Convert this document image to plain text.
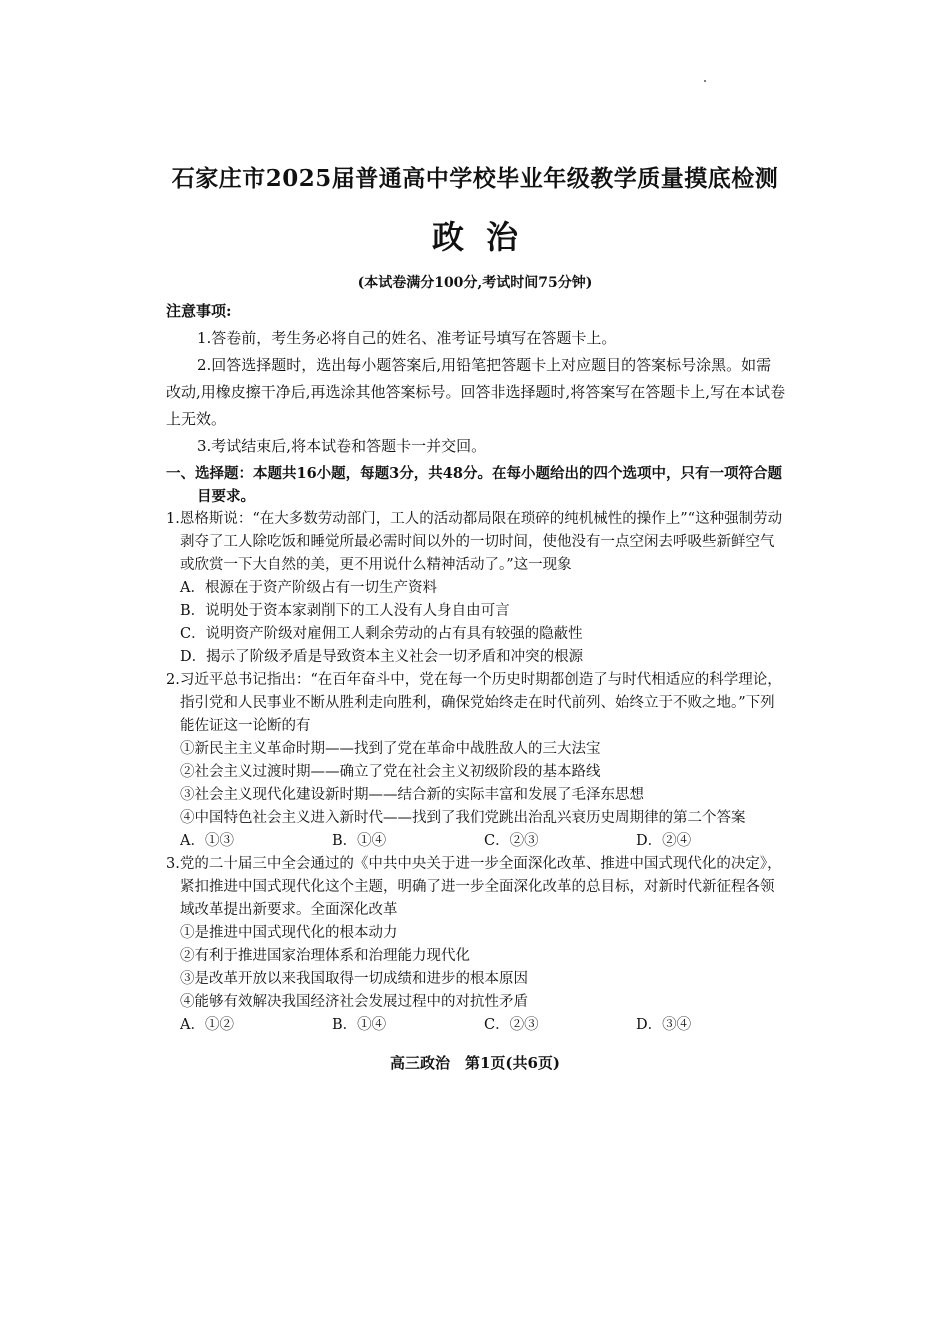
石家庄市2025届普通高中学校毕业年级教学质量摸底检测
政治
(本试卷满分100分,考试时间75分钟)
注意事项:

1.答卷前，考生务必将自己的姓名、准考证号填写在答题卡上。

2.回答选择题时，选出每小题答案后,用铅笔把答题卡上对应题目的答案标号涂黑。如需改动,用橡皮擦干净后,再选涂其他答案标号。回答非选择题时,将答案写在答题卡上,写在本试卷上无效。

3.考试结束后,将本试卷和答题卡一并交回。

一、选择题：本题共16小题，每题3分，共48分。在每小题给出的四个选项中，只有一项符合题目要求。

1.恩格斯说：“在大多数劳动部门，工人的活动都局限在琐碎的纯机械性的操作上”“这种强制劳动剥夺了工人除吃饭和睡觉所最必需时间以外的一切时间，使他没有一点空闲去呼吸些新鲜空气或欣赏一下大自然的美，更不用说什么精神活动了。”这一现象

A．根源在于资产阶级占有一切生产资料

B．说明处于资本家剥削下的工人没有人身自由可言

C．说明资产阶级对雇佣工人剩余劳动的占有具有较强的隐蔽性

D．揭示了阶级矛盾是导致资本主义社会一切矛盾和冲突的根源

2.习近平总书记指出：“在百年奋斗中，党在每一个历史时期都创造了与时代相适应的科学理论，指引党和人民事业不断从胜利走向胜利，确保党始终走在时代前列、始终立于不败之地。”下列能佐证这一论断的有

①新民主主义革命时期——找到了党在革命中战胜敌人的三大法宝

②社会主义过渡时期——确立了党在社会主义初级阶段的基本路线

③社会主义现代化建设新时期——结合新的实际丰富和发展了毛泽东思想

④中国特色社会主义进入新时代——找到了我们党跳出治乱兴衰历史周期律的第二个答案

A．①③	B．①④	C．②③	D．②④

3.党的二十届三中全会通过的《中共中央关于进一步全面深化改革、推进中国式现代化的决定》，紧扣推进中国式现代化这个主题，明确了进一步全面深化改革的总目标，对新时代新征程各领域改革提出新要求。全面深化改革

①是推进中国式现代化的根本动力

②有利于推进国家治理体系和治理能力现代化

③是改革开放以来我国取得一切成绩和进步的根本原因

④能够有效解决我国经济社会发展过程中的对抗性矛盾

A．①②	B．①④	C．②③	D．③④
高三政治　第1页(共6页)
